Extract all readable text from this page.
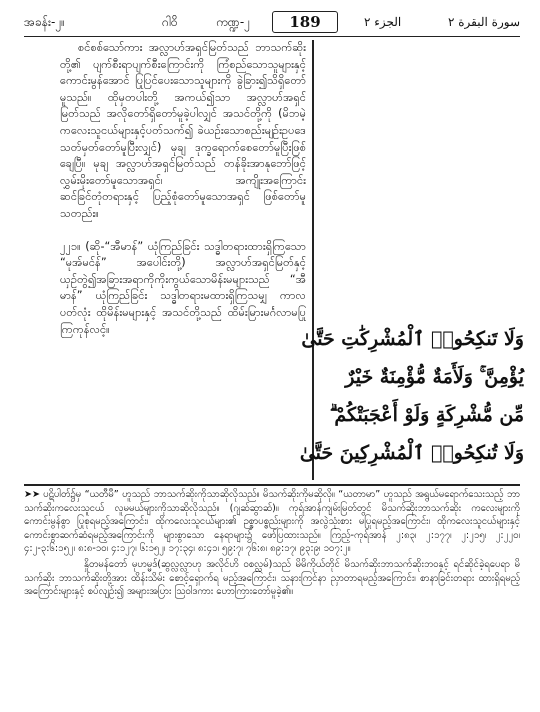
အခန်း-၂။	ဂါဝိ	ကဏ္ဍ-၂	189	الجزء ٢	سورة البقرة ٢

စင်စစ်သော်ကား အလ္လာဟ်အရှင်မြတ်သည် ဘာသက်ဆိုးတို့၏ ပျက်စီးရာပျက်စီးကြောင်းကို ကြံစည်သောသူများနှင့် ကောင်းမွန်အောင် ပြုပြင်ပေးသောသူများကို ခွဲခြား၍သိရှိတော်မူသည်။ ထိုမှတပါးတို့ အကယ်၍သာ အလ္လာဟ်အရှင်မြတ်သည် အလိုတော်ရှိတော်မူခဲ့ပါလျှင် အသင်တို့ကို (မိဘမဲ့ကလေးသူငယ်များနှင့်ပတ်သက်၍ ခဲယဉ်းသောစည်းမျဉ်းဥပဒေသတ်မှတ်တော်မူပြီးလျှင်) မုချ ဒုက္ခရောက်စေတော်မူပြီးဖြစ်ချေပြီ။ မုချ အလ္လာဟ်အရှင်မြတ်သည် တန်ခိုးအာနုဘော်ဖြင့်လွှမ်းမိုးတော်မူသောအရှင်၊ အကျိုးအကြောင်း ဆင်ခြင်တုံတရားနှင့် ပြည့်စုံတော်မူသောအရှင် ဖြစ်တော်မူသတည်း။

၂၂၁။ (ဆို-“အီမာန်” ယုံကြည်ခြင်း သဒ္ဓါတရားထားရှိကြသော “မုအ်မင်န်” အပေါင်းတို့) အလ္လာဟ်အရှင်မြတ်နှင့်ယှဉ်တွဲ၍အခြားအရာကိုကိုးကွယ်သောမိန်းမများသည် “အီမာန်” ယုံကြည်ခြင်း သဒ္ဓါတရားမထားရှိကြသမျှ ကာလပတ်လုံး ထိုမိန်းမများနှင့် အသင်တို့သည် ထိမ်းမြားမင်္ဂလာမပြုကြကုန်လင့်။	وَلَا تَنكِحُوا۟ ٱلْمُشْرِكَٰتِ حَتَّىٰ
يُؤْمِنَّ ۚ وَلَأَمَةٌ مُّؤْمِنَةٌ خَيْرٌ
مِّن مُّشْرِكَةٍ وَلَوْ أَعْجَبَتْكُمْ ۗ
وَلَا تُنكِحُوا۟ ٱلْمُشْرِكِينَ حَتَّىٰ

➤➤ ပဋိပါတ်၌မှ “ယတီမီ” ဟူသည် ဘာသက်ဆိုးကိုသာဆိုလိုသည်။ မိသက်ဆိုးကိုမဆိုလို။ “ယတာမာ” ဟူသည် အရွယ်မရောက်သေးသည့် ဘာသက်ဆိုးကလေးသူငယ် လူမမယ်များကိုသာဆိုလိုသည်။ (ဂျဆ်ဆွာဆ်)။ ကုရ်အာန်ကျမ်းမြတ်တွင် မိသက်ဆိုးဘာသက်ဆိုး ကလေးများကို ကောင်းမွန်စွာ ပြုစုရမည့်အကြောင်း၊ ထိုကလေးသူငယ်များ၏ ဉစ္စာပစ္စည်းများကို အလွဲသုံးစား မပြုရမည့်အကြောင်း၊ ထိုကလေးသူငယ်များနှင့် ကောင်းစွာဆက်ဆံရမည့်အကြောင်းကို များစွာသော နေရာများ၌ ဖော်ပြထားသည်။ ကြည့်-ကုရ်အာန် ၂:၈၃၊ ၂:၁၇၇၊ ၂:၂၁၅၊ ၂:၂၂၀၊ ၄:၂-၃:၆:၁၅၂၊ ၈:၈-၁၀၊ ၄:၁၂၇၊ ၆:၁၅၂၊ ၁၇:၃၄၊ ၈:၄၁၊ ၅၉:၇၊ ၇၆:၈၊ ၈၉:၁၇၊ ၉၃:၉၊ ၁၀၇:၂။

နှိုတမန်တော် မုဟမ္မဒ်(ဆွလ္လလ္လာဟု အလိုင်ဟိ ဝစလ္လမ်)သည် မိမိကိုယ်တိုင် မိသက်ဆိုးဘာသက်ဆိုးဘဝနှင့် ရင်ဆိုင်ခဲ့ရပေရာ မိသက်ဆိုး ဘာသက်ဆိုးတို့အား ထိန်းသိမ်း စောင့်ရှောက်ရ မည့်အကြောင်း၊ သနားကြင်နာ ညှာတာရမည့်အကြောင်း၊ စာနာခြင်းတရား ထားရှိရမည့်အကြောင်းများနှင့် စပ်လျဉ်း၍ အများအပြား ဩဝါဒကား ဟောကြားတော်မူခဲ့၏။
